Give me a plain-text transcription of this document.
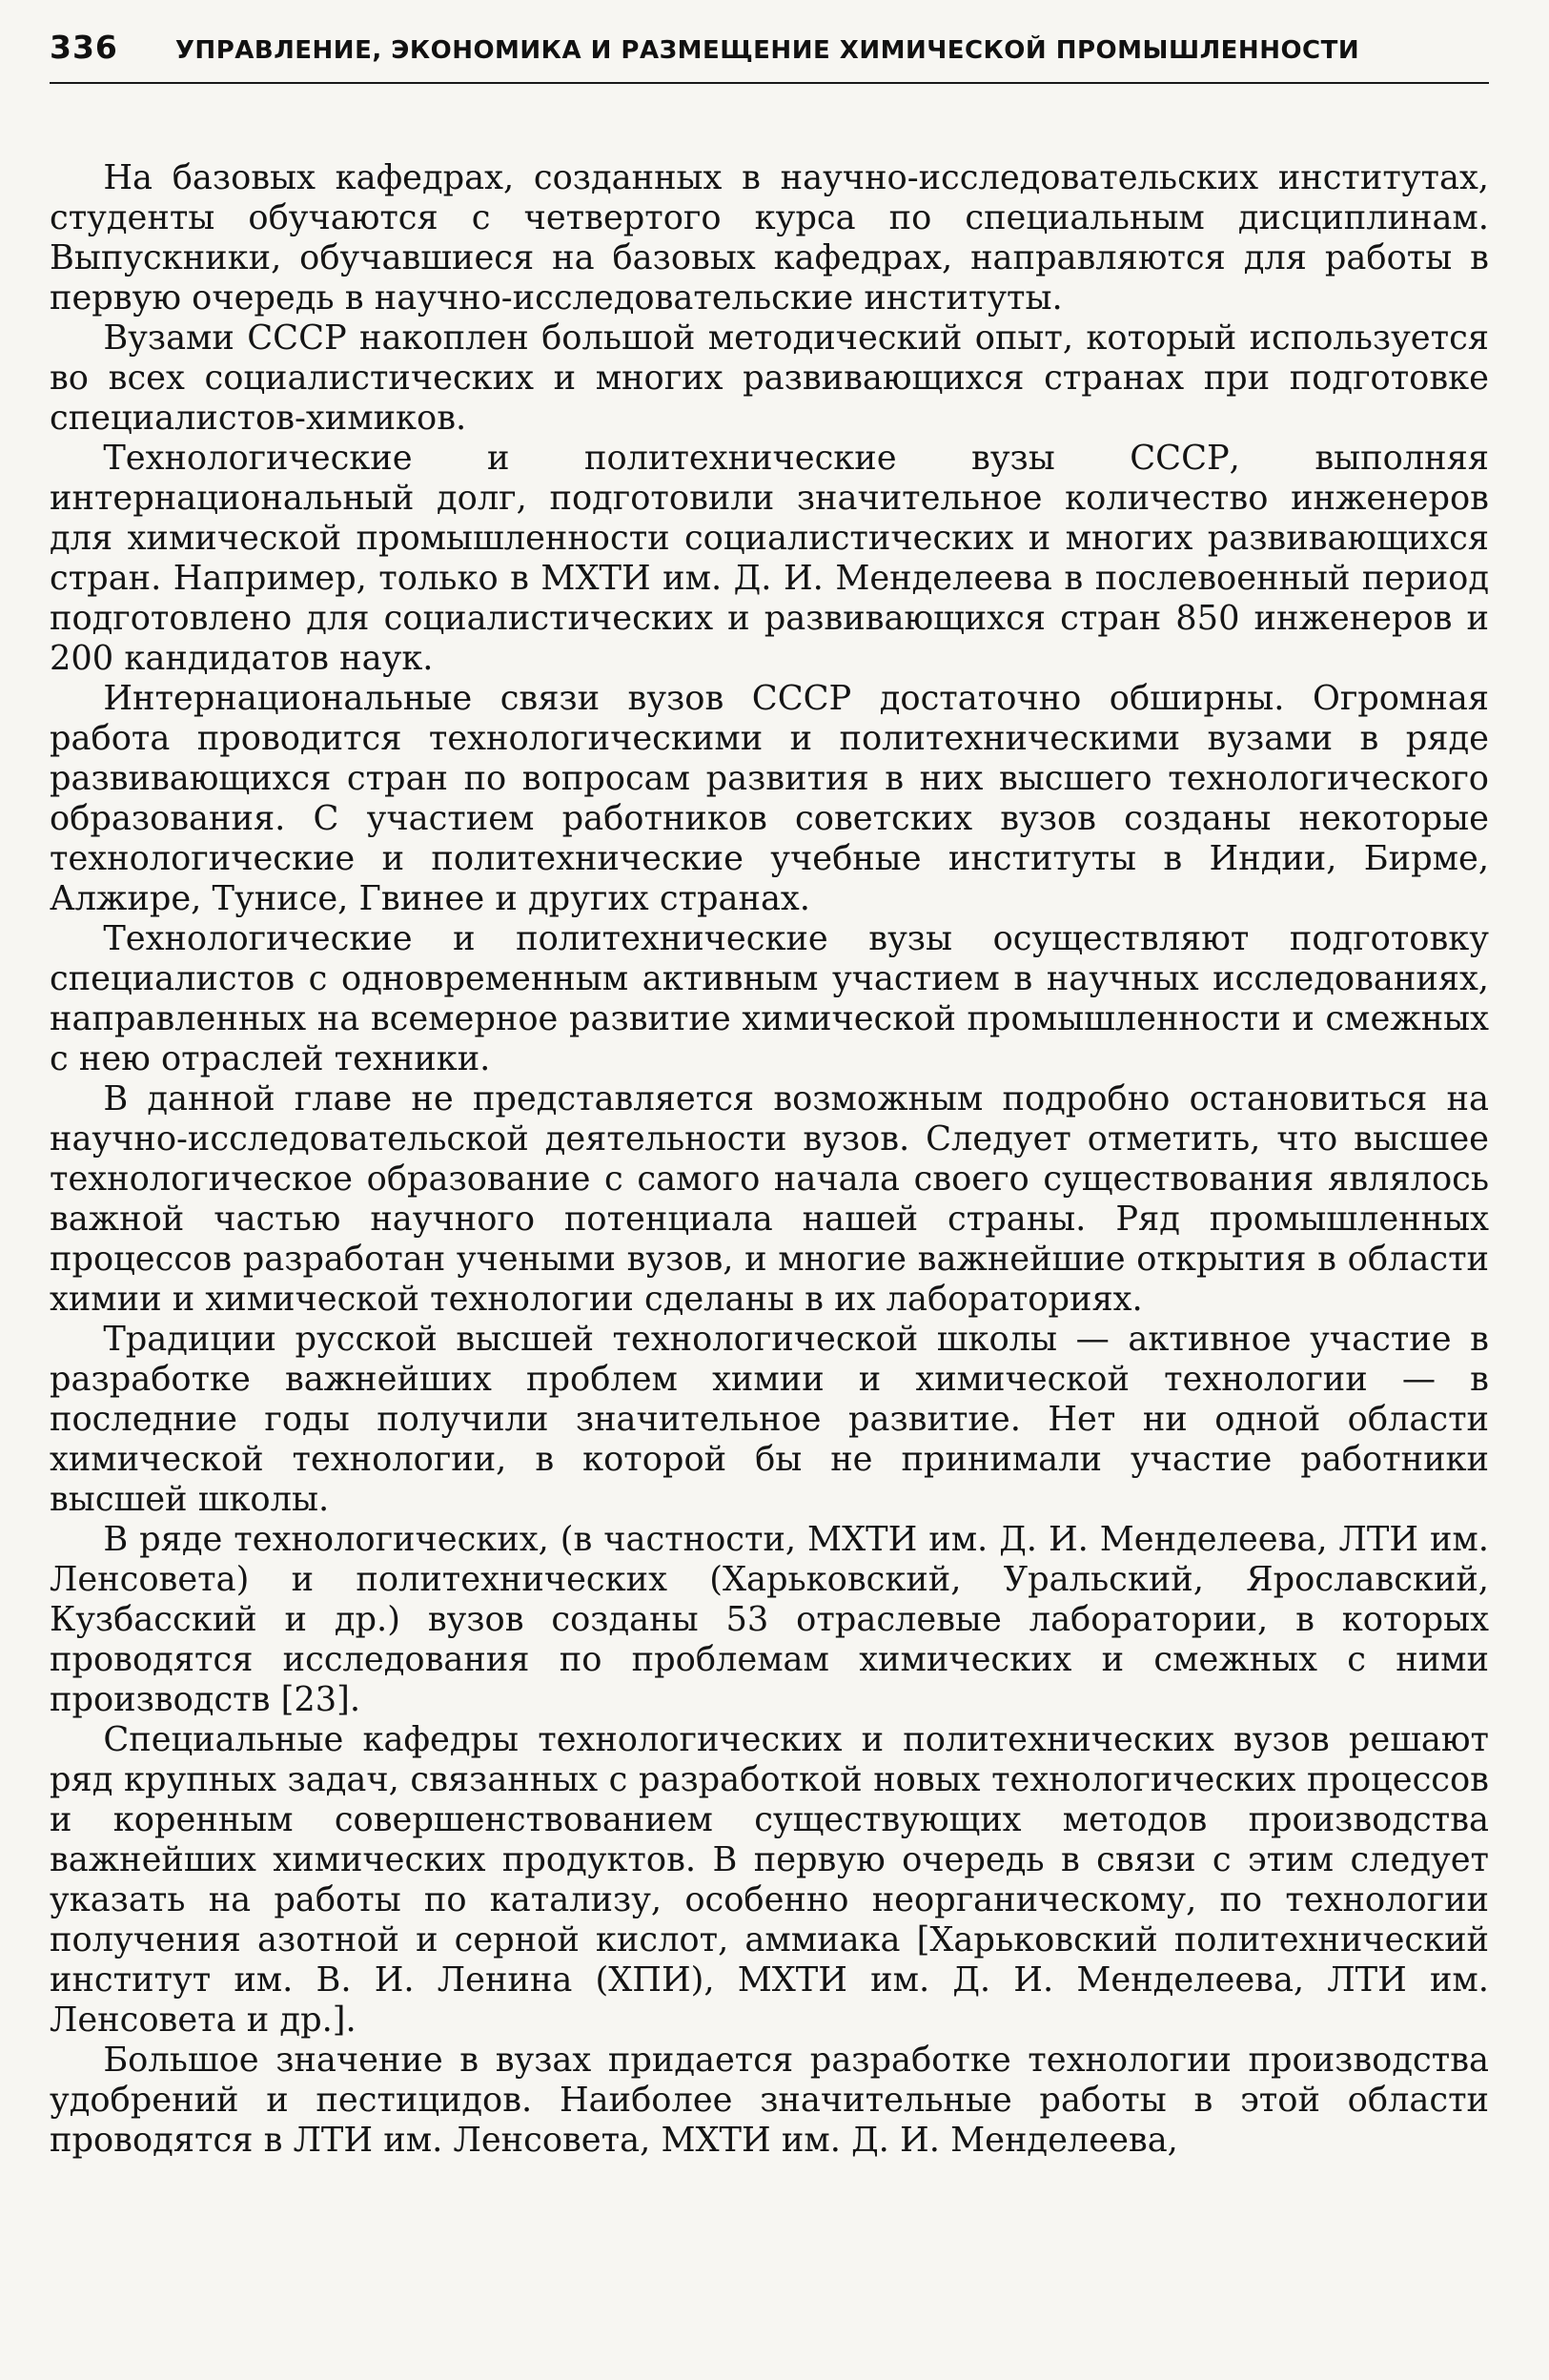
336 УПРАВЛЕНИЕ, ЭКОНОМИКА И РАЗМЕЩЕНИЕ ХИМИЧЕСКОЙ ПРОМЫШЛЕННОСТИ

На базовых кафедрах, созданных в научно-исследовательских институтах, студенты обучаются с четвертого курса по специальным дисциплинам. Выпускники, обучавшиеся на базовых кафедрах, направляются для работы в первую очередь в научно-исследовательские институты.

Вузами СССР накоплен большой методический опыт, который используется во всех социалистических и многих развивающихся странах при подготовке специалистов-химиков.

Технологические и политехнические вузы СССР, выполняя интернациональный долг, подготовили значительное количество инженеров для химической промышленности социалистических и многих развивающихся стран. Например, только в МХТИ им. Д. И. Менделеева в послевоенный период подготовлено для социалистических и развивающихся стран 850 инженеров и 200 кандидатов наук.

Интернациональные связи вузов СССР достаточно обширны. Огромная работа проводится технологическими и политехническими вузами в ряде развивающихся стран по вопросам развития в них высшего технологического образования. С участием работников советских вузов созданы некоторые технологические и политехнические учебные институты в Индии, Бирме, Алжире, Тунисе, Гвинее и других странах.

Технологические и политехнические вузы осуществляют подготовку специалистов с одновременным активным участием в научных исследованиях, направленных на всемерное развитие химической промышленности и смежных с нею отраслей техники.

В данной главе не представляется возможным подробно остановиться на научно-исследовательской деятельности вузов. Следует отметить, что высшее технологическое образование с самого начала своего существования являлось важной частью научного потенциала нашей страны. Ряд промышленных процессов разработан учеными вузов, и многие важнейшие открытия в области химии и химической технологии сделаны в их лабораториях.

Традиции русской высшей технологической школы — активное участие в разработке важнейших проблем химии и химической технологии — в последние годы получили значительное развитие. Нет ни одной области химической технологии, в которой бы не принимали участие работники высшей школы.

В ряде технологических, (в частности, МХТИ им. Д. И. Менделеева, ЛТИ им. Ленсовета) и политехнических (Харьковский, Уральский, Ярославский, Кузбасский и др.) вузов созданы 53 отраслевые лаборатории, в которых проводятся исследования по проблемам химических и смежных с ними производств [23].

Специальные кафедры технологических и политехнических вузов решают ряд крупных задач, связанных с разработкой новых технологических процессов и коренным совершенствованием существующих методов производства важнейших химических продуктов. В первую очередь в связи с этим следует указать на работы по катализу, особенно неорганическому, по технологии получения азотной и серной кислот, аммиака [Харьковский политехнический институт им. В. И. Ленина (ХПИ), МХТИ им. Д. И. Менделеева, ЛТИ им. Ленсовета и др.].

Большое значение в вузах придается разработке технологии производства удобрений и пестицидов. Наиболее значительные работы в этой области проводятся в ЛТИ им. Ленсовета, МХТИ им. Д. И. Менделеева,
